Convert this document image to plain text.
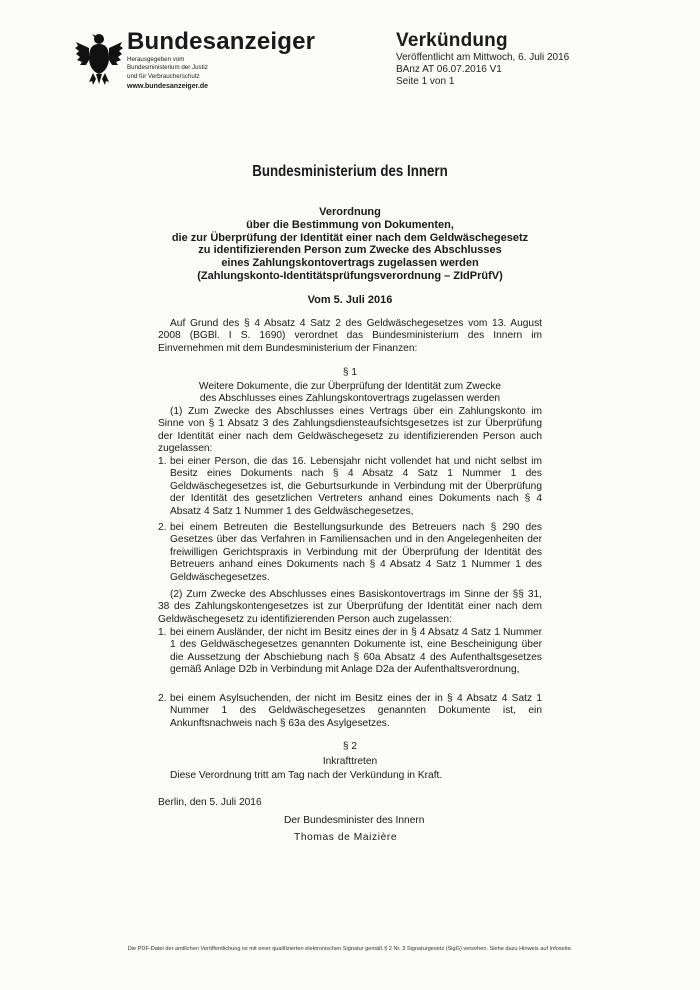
Bundesanzeiger
Herausgegeben vom
Bundesministerium der Justiz
und für Verbraucherschutz
www.bundesanzeiger.de
Verkündung
Veröffentlicht am Mittwoch, 6. Juli 2016
BAnz AT 06.07.2016 V1
Seite 1 von 1
Bundesministerium des Innern
Verordnung
über die Bestimmung von Dokumenten,
die zur Überprüfung der Identität einer nach dem Geldwäschegesetz
zu identifizierenden Person zum Zwecke des Abschlusses
eines Zahlungskontovertrags zugelassen werden
(Zahlungskonto-Identitätsprüfungsverordnung – ZIdPrüfV)
Vom 5. Juli 2016
Auf Grund des § 4 Absatz 4 Satz 2 des Geldwäschegesetzes vom 13. August 2008 (BGBl. I S. 1690) verordnet das Bundesministerium des Innern im Einvernehmen mit dem Bundesministerium der Finanzen:
§ 1
Weitere Dokumente, die zur Überprüfung der Identität zum Zwecke
des Abschlusses eines Zahlungskontovertrags zugelassen werden
(1) Zum Zwecke des Abschlusses eines Vertrags über ein Zahlungskonto im Sinne von § 1 Absatz 3 des Zahlungsdiensteaufsichtsgesetzes ist zur Überprüfung der Identität einer nach dem Geldwäschegesetz zu identifizierenden Person auch zugelassen:
1. bei einer Person, die das 16. Lebensjahr nicht vollendet hat und nicht selbst im Besitz eines Dokuments nach § 4 Absatz 4 Satz 1 Nummer 1 des Geldwäschegesetzes ist, die Geburtsurkunde in Verbindung mit der Überprüfung der Identität des gesetzlichen Vertreters anhand eines Dokuments nach § 4 Absatz 4 Satz 1 Nummer 1 des Geldwäschegesetzes,
2. bei einem Betreuten die Bestellungsurkunde des Betreuers nach § 290 des Gesetzes über das Verfahren in Familiensachen und in den Angelegenheiten der freiwilligen Gerichtspraxis in Verbindung mit der Überprüfung der Identität des Betreuers anhand eines Dokuments nach § 4 Absatz 4 Satz 1 Nummer 1 des Geldwäschegesetzes.
(2) Zum Zwecke des Abschlusses eines Basiskontovertrags im Sinne der §§ 31, 38 des Zahlungskontengesetzes ist zur Überprüfung der Identität einer nach dem Geldwäschegesetz zu identifizierenden Person auch zugelassen:
1. bei einem Ausländer, der nicht im Besitz eines der in § 4 Absatz 4 Satz 1 Nummer 1 des Geldwäschegesetzes genannten Dokumente ist, eine Bescheinigung über die Aussetzung der Abschiebung nach § 60a Absatz 4 des Aufenthaltsgesetzes gemäß Anlage D2b in Verbindung mit Anlage D2a der Aufenthaltsverordnung,
2. bei einem Asylsuchenden, der nicht im Besitz eines der in § 4 Absatz 4 Satz 1 Nummer 1 des Geldwäschegesetzes genannten Dokumente ist, ein Ankunftsnachweis nach § 63a des Asylgesetzes.
§ 2
Inkrafttreten
Diese Verordnung tritt am Tag nach der Verkündung in Kraft.
Berlin, den 5. Juli 2016
Der Bundesminister des Innern
Thomas de Maizière
Die PDF-Datei der amtlichen Veröffentlichung ist mit einer qualifizierten elektronischen Signatur gemäß § 2 Nr. 3 Signaturgesetz (SigG) versehen. Siehe dazu Hinweis auf Infoseite.
